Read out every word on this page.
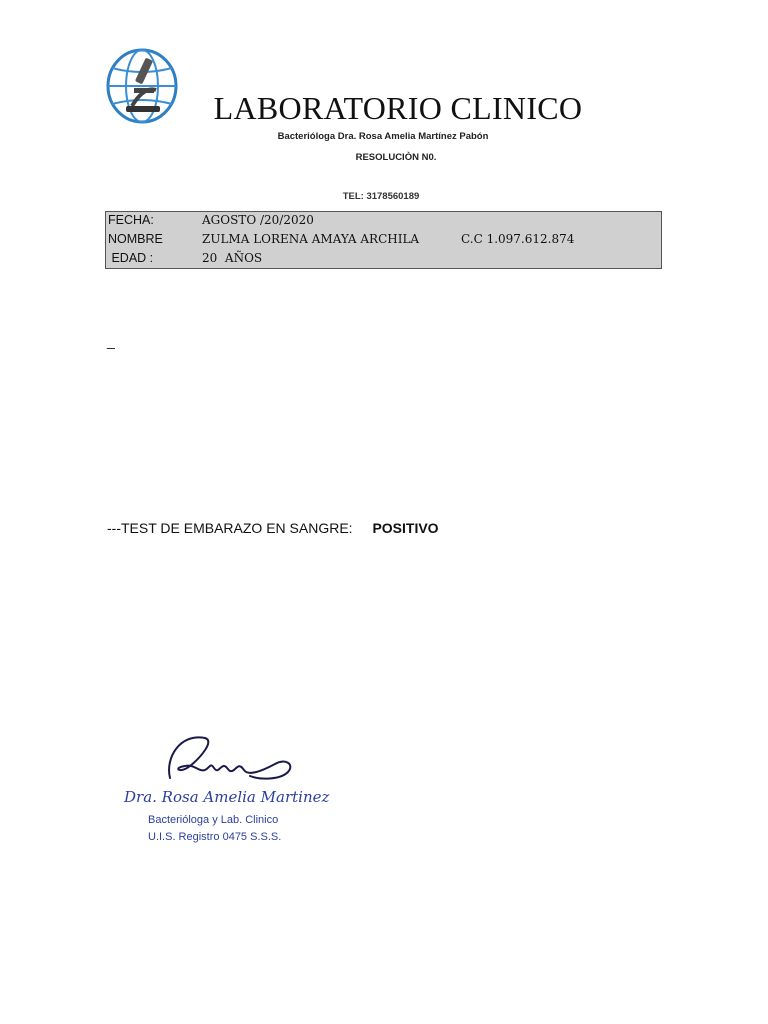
LABORATORIO CLINICO
Bacterióloga Dra. Rosa Amelia Martínez Pabón
RESOLUCIÒN N0.
TEL: 3178560189
FECHA:	AGOSTO /20/2020
NOMBRE	ZULMA LORENA AMAYA ARCHILA	C.C 1.097.612.874
EDAD :	20  AÑOS
_
---TEST DE EMBARAZO EN SANGRE: POSITIVO
Dra. Rosa Amelia Martinez
Bacterióloga y Lab. Clinico
U.I.S. Registro 0475 S.S.S.
